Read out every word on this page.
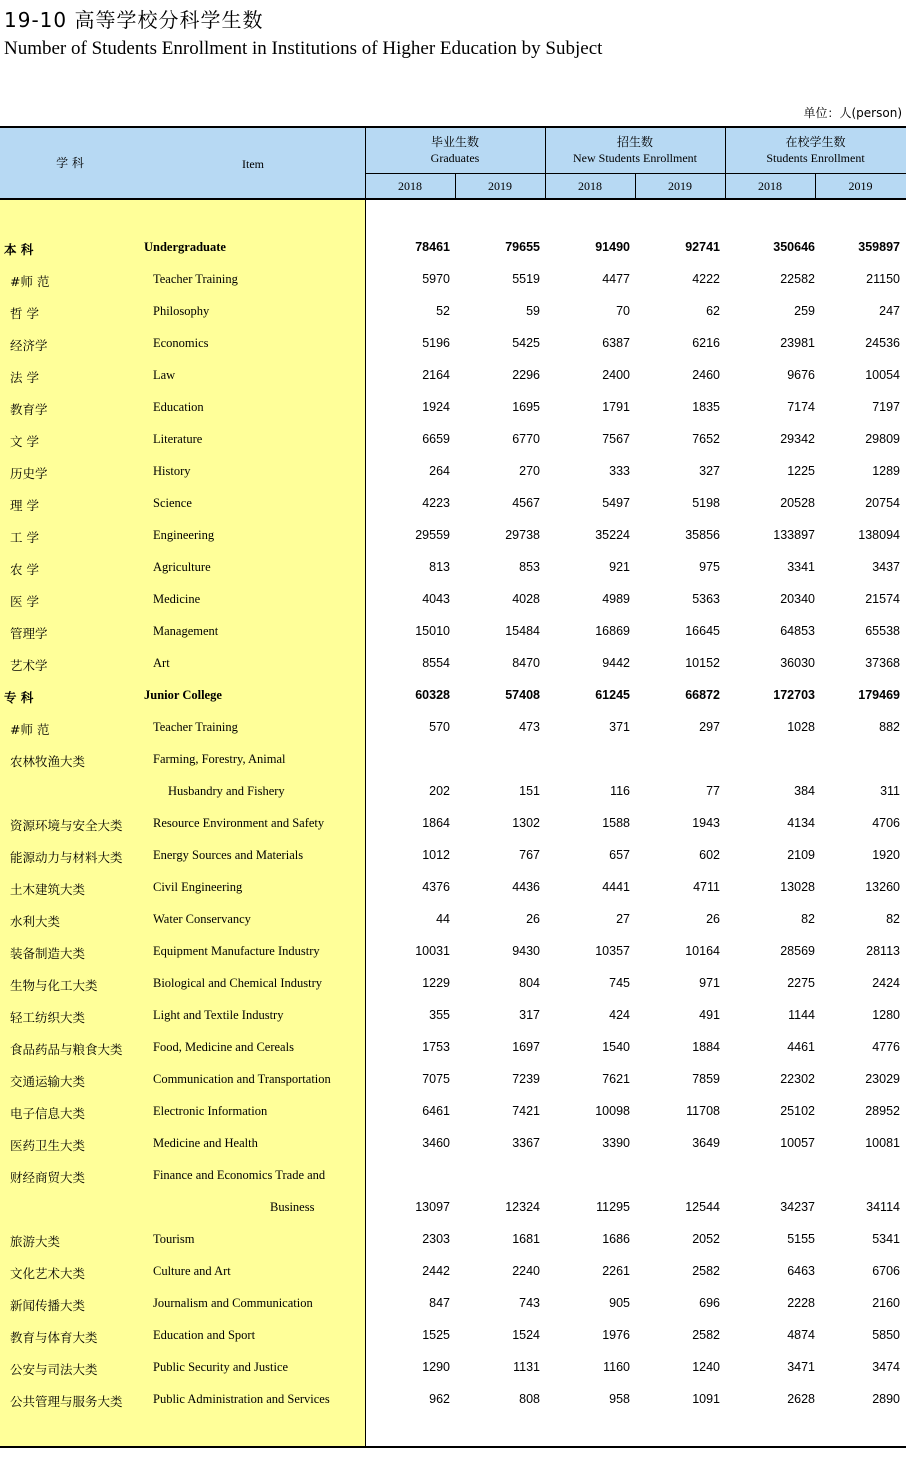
19-10 高等学校分科学生数
Number of Students Enrollment in Institutions of Higher Education by Subject
单位：人(person)
学 科	Item
毕业生数
Graduates
招生数
New Students Enrollment
在校学生数
Students Enrollment
2018	2019	2018	2019	2018	2019
本 科	Undergraduate	78461	79655	91490	92741	350646	359897
#师 范	Teacher Training	5970	5519	4477	4222	22582	21150
哲 学	Philosophy	52	59	70	62	259	247
经济学	Economics	5196	5425	6387	6216	23981	24536
法 学	Law	2164	2296	2400	2460	9676	10054
教育学	Education	1924	1695	1791	1835	7174	7197
文 学	Literature	6659	6770	7567	7652	29342	29809
历史学	History	264	270	333	327	1225	1289
理 学	Science	4223	4567	5497	5198	20528	20754
工 学	Engineering	29559	29738	35224	35856	133897	138094
农 学	Agriculture	813	853	921	975	3341	3437
医 学	Medicine	4043	4028	4989	5363	20340	21574
管理学	Management	15010	15484	16869	16645	64853	65538
艺术学	Art	8554	8470	9442	10152	36030	37368
专 科	Junior College	60328	57408	61245	66872	172703	179469
#师 范	Teacher Training	570	473	371	297	1028	882
农林牧渔大类	Farming, Forestry, Animal
Husbandry and Fishery	202	151	116	77	384	311
资源环境与安全大类 Resource Environment and Safety	1864	1302	1588	1943	4134	4706
能源动力与材料大类 Energy Sources and Materials	1012	767	657	602	2109	1920
土木建筑大类	Civil Engineering	4376	4436	4441	4711	13028	13260
水利大类	Water Conservancy	44	26	27	26	82	82
装备制造大类	Equipment Manufacture Industry	10031	9430	10357	10164	28569	28113
生物与化工大类	Biological and Chemical Industry	1229	804	745	971	2275	2424
轻工纺织大类	Light and Textile Industry	355	317	424	491	1144	1280
食品药品与粮食大类 Food, Medicine and Cereals	1753	1697	1540	1884	4461	4776
交通运输大类	Communication and Transportation	7075	7239	7621	7859	22302	23029
电子信息大类	Electronic Information	6461	7421	10098	11708	25102	28952
医药卫生大类	Medicine and Health	3460	3367	3390	3649	10057	10081
财经商贸大类	Finance and Economics Trade and
Business	13097	12324	11295	12544	34237	34114
旅游大类	Tourism	2303	1681	1686	2052	5155	5341
文化艺术大类	Culture and Art	2442	2240	2261	2582	6463	6706
新闻传播大类	Journalism and Communication	847	743	905	696	2228	2160
教育与体育大类	Education and Sport	1525	1524	1976	2582	4874	5850
公安与司法大类	Public Security and Justice	1290	1131	1160	1240	3471	3474
公共管理与服务大类 Public Administration and Services	962	808	958	1091	2628	2890
